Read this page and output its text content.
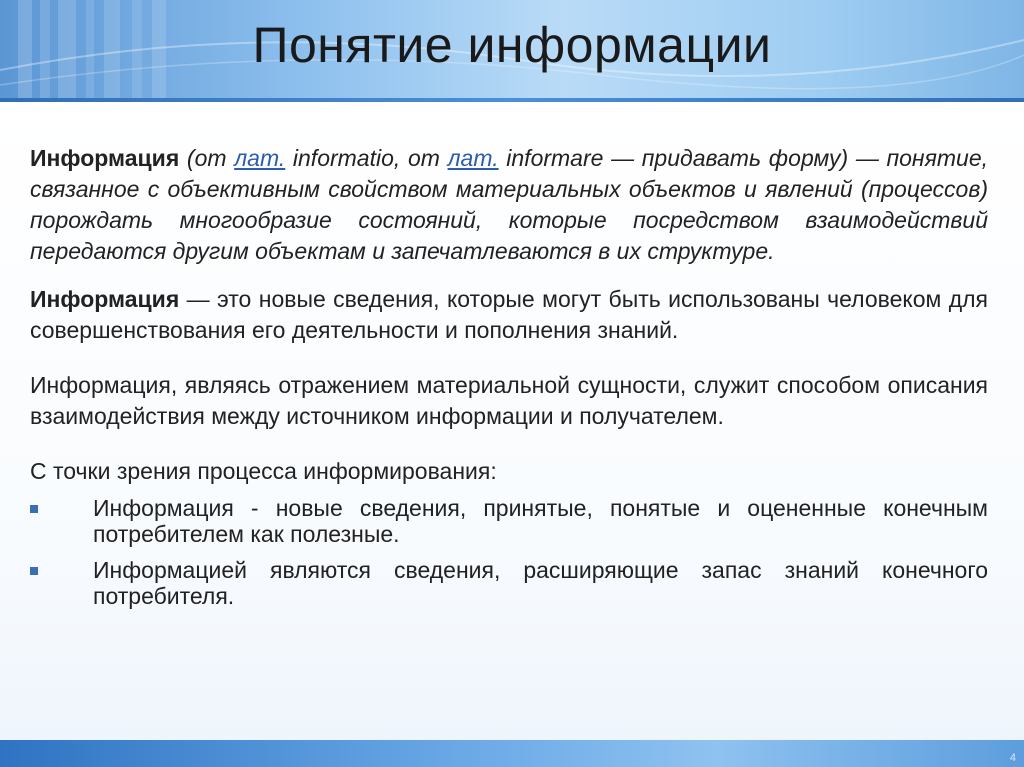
Понятие информации

Информация (от лат. informatio, от лат. informare — придавать форму) — понятие, связанное с объективным свойством материальных объектов и явлений (процессов) порождать многообразие состояний, которые посредством взаимодействий передаются другим объектам и запечатлеваются в их структуре.

Информация — это новые сведения, которые могут быть использованы человеком для совершенствования его деятельности и пополнения знаний.

Информация, являясь отражением материальной сущности, служит способом описания взаимодействия между источником информации и получателем.

С точки зрения процесса информирования:

Информация - новые сведения, принятые, понятые и оцененные конечным потребителем как полезные.
Информацией являются сведения, расширяющие запас знаний конечного потребителя.
4
